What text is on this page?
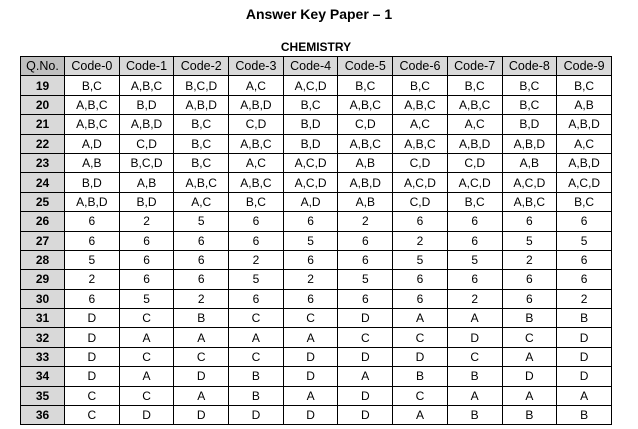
Answer Key Paper – 1
CHEMISTRY
Q.No.	Code-0	Code-1	Code-2	Code-3	Code-4	Code-5	Code-6	Code-7	Code-8	Code-9
19	B,C	A,B,C	B,C,D	A,C	A,C,D	B,C	B,C	B,C	B,C	B,C
20	A,B,C	B,D	A,B,D	A,B,D	B,C	A,B,C	A,B,C	A,B,C	B,C	A,B
21	A,B,C	A,B,D	B,C	C,D	B,D	C,D	A,C	A,C	B,D	A,B,D
22	A,D	C,D	B,C	A,B,C	B,D	A,B,C	A,B,C	A,B,D	A,B,D	A,C
23	A,B	B,C,D	B,C	A,C	A,C,D	A,B	C,D	C,D	A,B	A,B,D
24	B,D	A,B	A,B,C	A,B,C	A,C,D	A,B,D	A,C,D	A,C,D	A,C,D	A,C,D
25	A,B,D	B,D	A,C	B,C	A,D	A,B	C,D	B,C	A,B,C	B,C
26	6	2	5	6	6	2	6	6	6	6
27	6	6	6	6	5	6	2	6	5	5
28	5	6	6	2	6	6	5	5	2	6
29	2	6	6	5	2	5	6	6	6	6
30	6	5	2	6	6	6	6	2	6	2
31	D	C	B	C	C	D	A	A	B	B
32	D	A	A	A	A	C	C	D	C	D
33	D	C	C	C	D	D	D	C	A	D
34	D	A	D	B	D	A	B	B	D	D
35	C	C	A	B	A	D	C	A	A	A
36	C	D	D	D	D	D	A	B	B	B
